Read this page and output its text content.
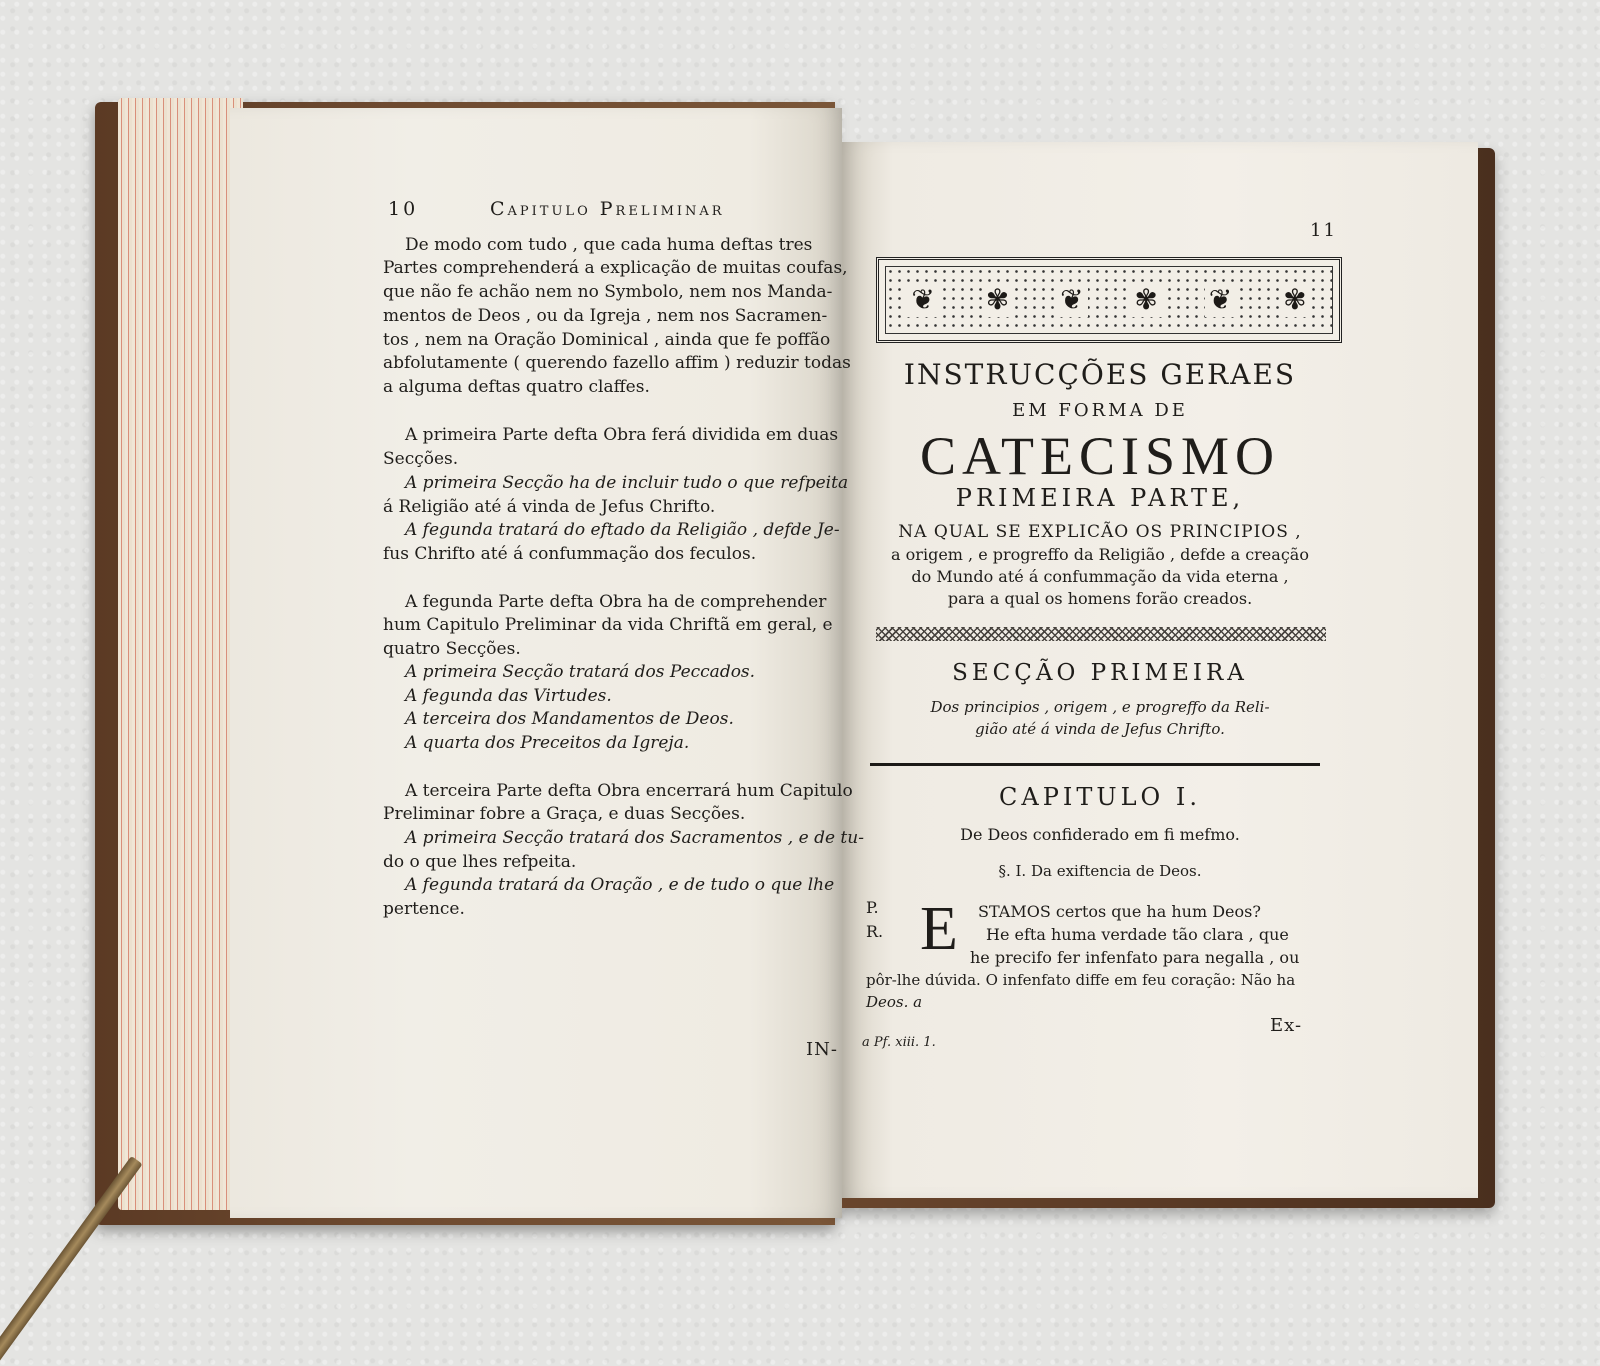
10	Capitulo Preliminar
De modo com tudo , que cada huma deftas tres
Partes comprehenderá a explicação de muitas coufas,
que não fe achão nem no Symbolo, nem nos Manda-
mentos de Deos , ou da Igreja , nem nos Sacramen-
tos , nem na Oração Dominical , ainda que fe poffão
abfolutamente ( querendo fazello affim ) reduzir todas
a alguma deftas quatro claffes.
A primeira Parte defta Obra ferá dividida em duas
Secções.
A primeira Secção ha de incluir tudo o que refpeita
á Religião até á vinda de Jefus Chrifto.
A fegunda tratará do eftado da Religião , defde Je-
fus Chrifto até á confummação dos feculos.
A fegunda Parte defta Obra ha de comprehender
hum Capitulo Preliminar da vida Chriftã em geral, e
quatro Secções.
A primeira Secção tratará dos Peccados.
A fegunda das Virtudes.
A terceira dos Mandamentos de Deos.
A quarta dos Preceitos da Igreja.
A terceira Parte defta Obra encerrará hum Capitulo
Preliminar fobre a Graça, e duas Secções.
A primeira Secção tratará dos Sacramentos , e de tu-
do o que lhes refpeita.
A fegunda tratará da Oração , e de tudo o que lhe
pertence.
IN-
11
❦ ✾ ❦ ✾ ❦ ✾
INSTRUCÇÕES GERAES
EM FORMA DE
CATECISMO
PRIMEIRA PARTE,
NA QUAL SE EXPLICÃO OS PRINCIPIOS ,
a origem , e progreffo da Religião , defde a creação
do Mundo até á confummação da vida eterna ,
para a qual os homens forão creados.
SECÇÃO PRIMEIRA
Dos principios , origem , e progreffo da Reli-
gião até á vinda de Jefus Chrifto.
CAPITULO I.
De Deos confiderado em fi mefmo.
§. I. Da exiftencia de Deos.
P.
R. E STAMOS certos que ha hum Deos?
He efta huma verdade tão clara , que
he precifo fer infenfato para negalla , ou
pôr-lhe dúvida. O infenfato diffe em feu coração: Não ha
Deos. a
a Pf. xiii. 1.
Ex-
